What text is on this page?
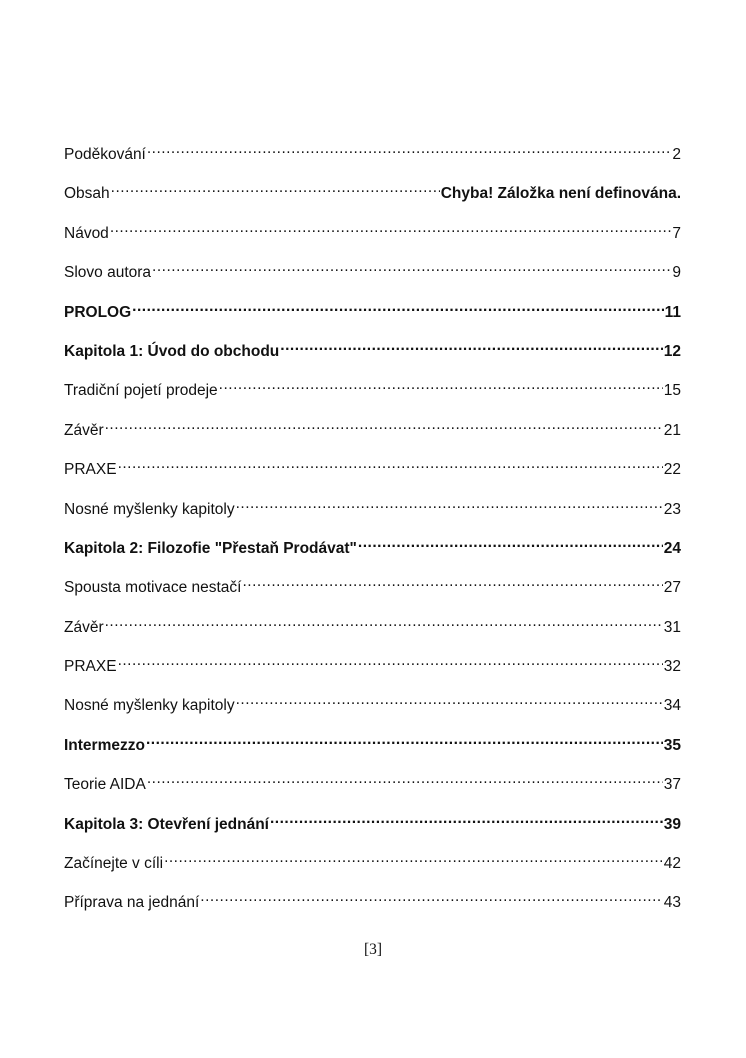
Poděkování .....	2
Obsah .....	Chyba! Záložka není definována.
Návod .....	7
Slovo autora .....	9
PROLOG .....	11
Kapitola 1: Úvod do obchodu .....	12
Tradiční pojetí prodeje .....	15
Závěr .....	21
PRAXE .....	22
Nosné myšlenky kapitoly .....	23
Kapitola 2: Filozofie "Přestaň Prodávat" .....	24
Spousta motivace nestačí .....	27
Závěr .....	31
PRAXE .....	32
Nosné myšlenky kapitoly .....	34
Intermezzo .....	35
Teorie AIDA .....	37
Kapitola 3: Otevření jednání .....	39
Začínejte v cíli .....	42
Příprava na jednání .....	43
[3]
